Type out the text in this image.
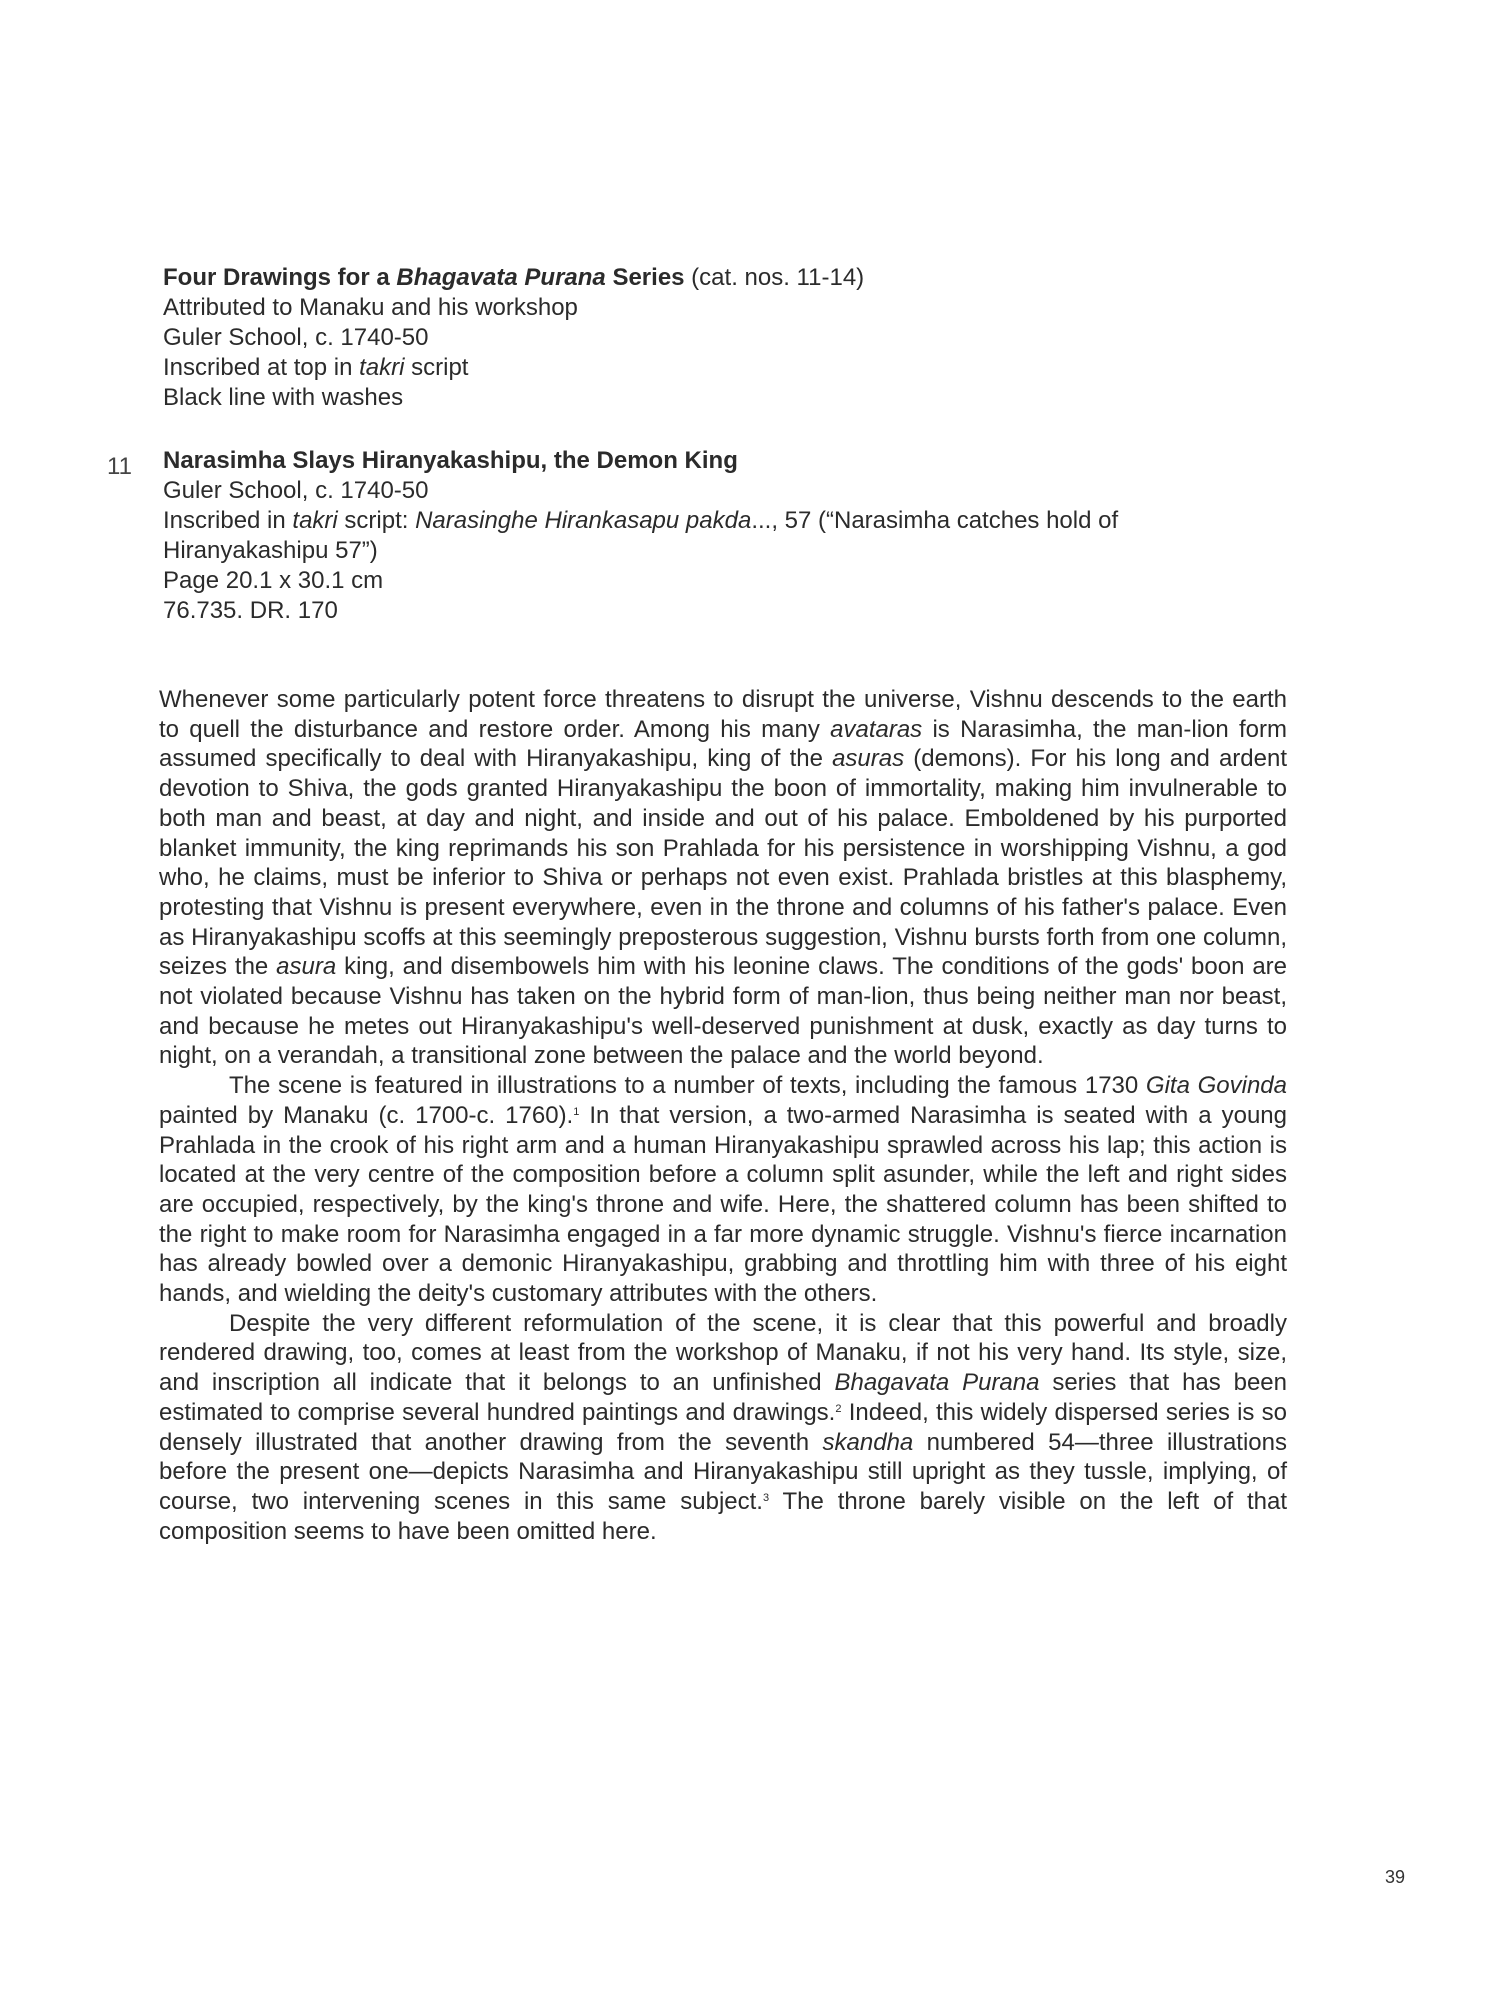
Four Drawings for a Bhagavata Purana Series (cat. nos. 11-14)
Attributed to Manaku and his workshop
Guler School, c. 1740-50
Inscribed at top in takri script
Black line with washes
11 Narasimha Slays Hiranyakashipu, the Demon King
Guler School, c. 1740-50
Inscribed in takri script: Narasinghe Hirankasapu pakda..., 57 (“Narasimha catches hold of Hiranyakashipu 57”)
Page 20.1 x 30.1 cm
76.735. DR. 170

Whenever some particularly potent force threatens to disrupt the universe, Vishnu descends to the earth to quell the disturbance and restore order. Among his many avataras is Narasimha, the man-lion form assumed specifically to deal with Hiranyakashipu, king of the asuras (demons). For his long and ardent devotion to Shiva, the gods granted Hiranyakashipu the boon of immortality, making him invulnerable to both man and beast, at day and night, and inside and out of his palace. Emboldened by his purported blanket immunity, the king reprimands his son Prahlada for his persistence in worshipping Vishnu, a god who, he claims, must be inferior to Shiva or perhaps not even exist. Prahlada bristles at this blasphemy, protesting that Vishnu is present everywhere, even in the throne and columns of his father's palace. Even as Hiranyakashipu scoffs at this seemingly preposterous suggestion, Vishnu bursts forth from one column, seizes the asura king, and disembowels him with his leonine claws. The conditions of the gods' boon are not violated because Vishnu has taken on the hybrid form of man-lion, thus being neither man nor beast, and because he metes out Hiranyakashipu's well-deserved punishment at dusk, exactly as day turns to night, on a verandah, a transitional zone between the palace and the world beyond.

The scene is featured in illustrations to a number of texts, including the famous 1730 Gita Govinda painted by Manaku (c. 1700-c. 1760).$^1$ In that version, a two-armed Narasimha is seated with a young Prahlada in the crook of his right arm and a human Hiranyakashipu sprawled across his lap; this action is located at the very centre of the composition before a column split asunder, while the left and right sides are occupied, respectively, by the king's throne and wife. Here, the shattered column has been shifted to the right to make room for Narasimha engaged in a far more dynamic struggle. Vishnu's fierce incarnation has already bowled over a demonic Hiranyakashipu, grabbing and throttling him with three of his eight hands, and wielding the deity's customary attributes with the others.

Despite the very different reformulation of the scene, it is clear that this powerful and broadly rendered drawing, too, comes at least from the workshop of Manaku, if not his very hand. Its style, size, and inscription all indicate that it belongs to an unfinished Bhagavata Purana series that has been estimated to comprise several hundred paintings and drawings.$^2$ Indeed, this widely dispersed series is so densely illustrated that another drawing from the seventh skandha numbered 54—three illustrations before the present one—depicts Narasimha and Hiranyakashipu still upright as they tussle, implying, of course, two intervening scenes in this same subject.$^3$ The throne barely visible on the left of that composition seems to have been omitted here.

39
